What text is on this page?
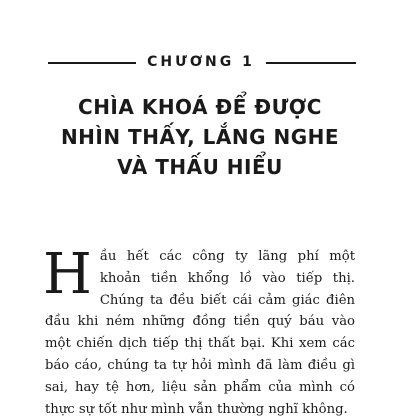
CHƯƠNG 1
CHÌA KHOÁ ĐỂ ĐƯỢC
NHÌN THẤY, LẮNG NGHE
VÀ THẤU HIỂU
H ầu hết các công ty lãng phí một khoản tiền khổng lồ vào tiếp thị. Chúng ta đều biết cái cảm giác điên đầu khi ném những đồng tiền quý báu vào một chiến dịch tiếp thị thất bại. Khi xem các báo cáo, chúng ta tự hỏi mình đã làm điều gì sai, hay tệ hơn, liệu sản phẩm của mình có thực sự tốt như mình vẫn thường nghĩ không.
